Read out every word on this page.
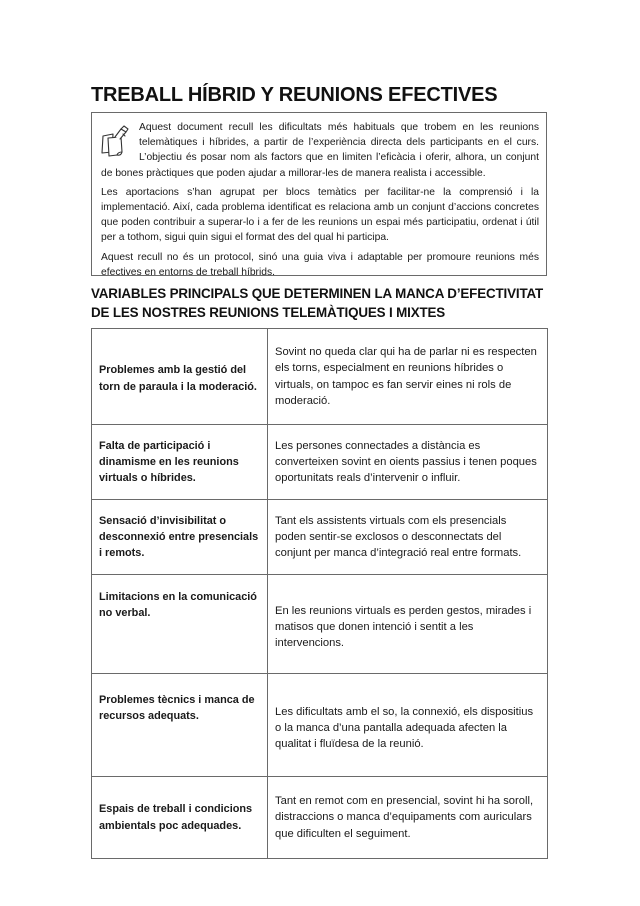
TREBALL HÍBRID Y REUNIONS EFECTIVES

Aquest document recull les dificultats més habituals que trobem en les reunions telemàtiques i híbrides, a partir de l’experiència directa dels participants en el curs. L’objectiu és posar nom als factors que en limiten l’eficàcia i oferir, alhora, un conjunt de bones pràctiques que poden ajudar a millorar-les de manera realista i accessible.

Les aportacions s’han agrupat per blocs temàtics per facilitar-ne la comprensió i la implementació. Així, cada problema identificat es relaciona amb un conjunt d’accions concretes que poden contribuir a superar-lo i a fer de les reunions un espai més participatiu, ordenat i útil per a tothom, sigui quin sigui el format des del qual hi participa.

Aquest recull no és un protocol, sinó una guia viva i adaptable per promoure reunions més efectives en entorns de treball híbrids.

VARIABLES PRINCIPALS QUE DETERMINEN LA MANCA D’EFECTIVITAT DE LES NOSTRES REUNIONS TELEMÀTIQUES I MIXTES
Problemes amb la gestió del torn de paraula i la moderació.	Sovint no queda clar qui ha de parlar ni es respecten els torns, especialment en reunions híbrides o virtuals, on tampoc es fan servir eines ni rols de moderació.
Falta de participació i dinamisme en les reunions virtuals o híbrides.	Les persones connectades a distància es converteixen sovint en oients passius i tenen poques oportunitats reals d’intervenir o influir.
Sensació d’invisibilitat o desconnexió entre presencials i remots.	Tant els assistents virtuals com els presencials poden sentir-se exclosos o desconnectats del conjunt per manca d’integració real entre formats.
Limitacions en la comunicació no verbal.	En les reunions virtuals es perden gestos, mirades i matisos que donen intenció i sentit a les intervencions.
Problemes tècnics i manca de recursos adequats.	Les dificultats amb el so, la connexió, els dispositius o la manca d’una pantalla adequada afecten la qualitat i fluïdesa de la reunió.
Espais de treball i condicions ambientals poc adequades.	Tant en remot com en presencial, sovint hi ha soroll, distraccions o manca d’equipaments com auriculars que dificulten el seguiment.
